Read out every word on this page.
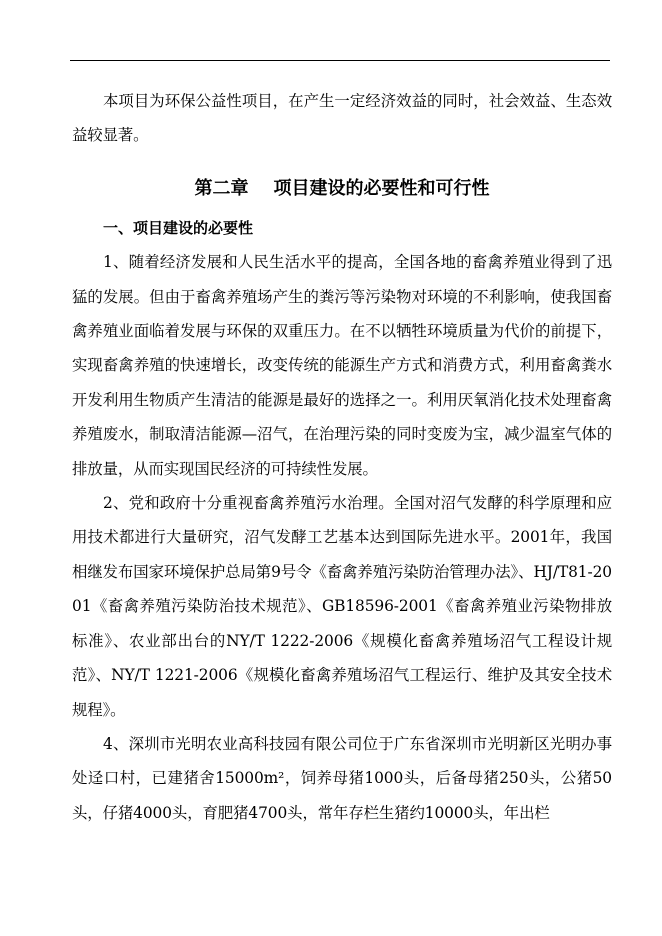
本项目为环保公益性项目，在产生一定经济效益的同时，社会效益、生态效益较显著。

第二章    项目建设的必要性和可行性
一、项目建设的必要性

1、随着经济发展和人民生活水平的提高，全国各地的畜禽养殖业得到了迅猛的发展。但由于畜禽养殖场产生的粪污等污染物对环境的不利影响，使我国畜禽养殖业面临着发展与环保的双重压力。在不以牺牲环境质量为代价的前提下，实现畜禽养殖的快速增长，改变传统的能源生产方式和消费方式，利用畜禽粪水开发利用生物质产生清洁的能源是最好的选择之一。利用厌氧消化技术处理畜禽养殖废水，制取清洁能源—沼气，在治理污染的同时变废为宝，减少温室气体的排放量，从而实现国民经济的可持续性发展。

2、党和政府十分重视畜禽养殖污水治理。全国对沼气发酵的科学原理和应用技术都进行大量研究，沼气发酵工艺基本达到国际先进水平。2001年，我国相继发布国家环境保护总局第9号令《畜禽养殖污染防治管理办法》、HJ/T81-2001《畜禽养殖污染防治技术规范》、GB18596-2001《畜禽养殖业污染物排放标准》、农业部出台的NY/T 1222-2006《规模化畜禽养殖场沼气工程设计规范》、NY/T 1221-2006《规模化畜禽养殖场沼气工程运行、维护及其安全技术规程》。

4、深圳市光明农业高科技园有限公司位于广东省深圳市光明新区光明办事处迳口村，已建猪舍15000m²，饲养母猪1000头，后备母猪250头，公猪50头，仔猪4000头，育肥猪4700头，常年存栏生猪约10000头，年出栏
